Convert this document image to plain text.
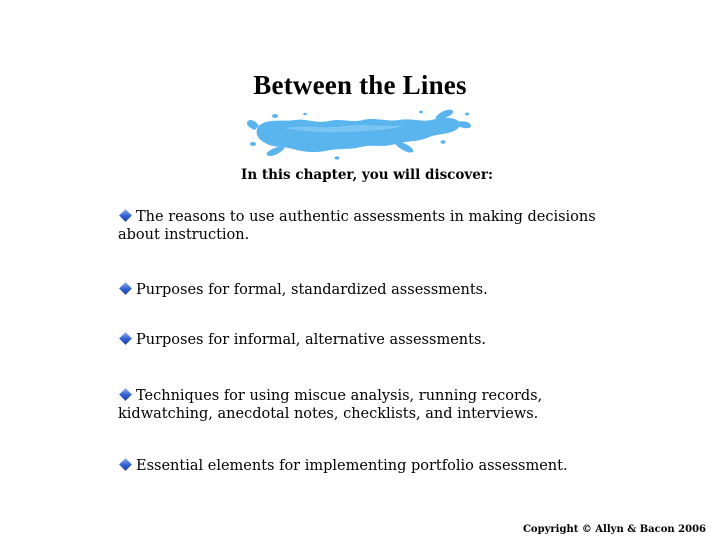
Between the Lines
In this chapter, you will discover:
The reasons to use authentic assessments in making decisions about instruction.
Purposes for formal, standardized assessments.
Purposes for informal, alternative assessments.
Techniques for using miscue analysis, running records, kidwatching, anecdotal notes, checklists, and interviews.
Essential elements for implementing portfolio assessment.
Copyright © Allyn & Bacon 2006
